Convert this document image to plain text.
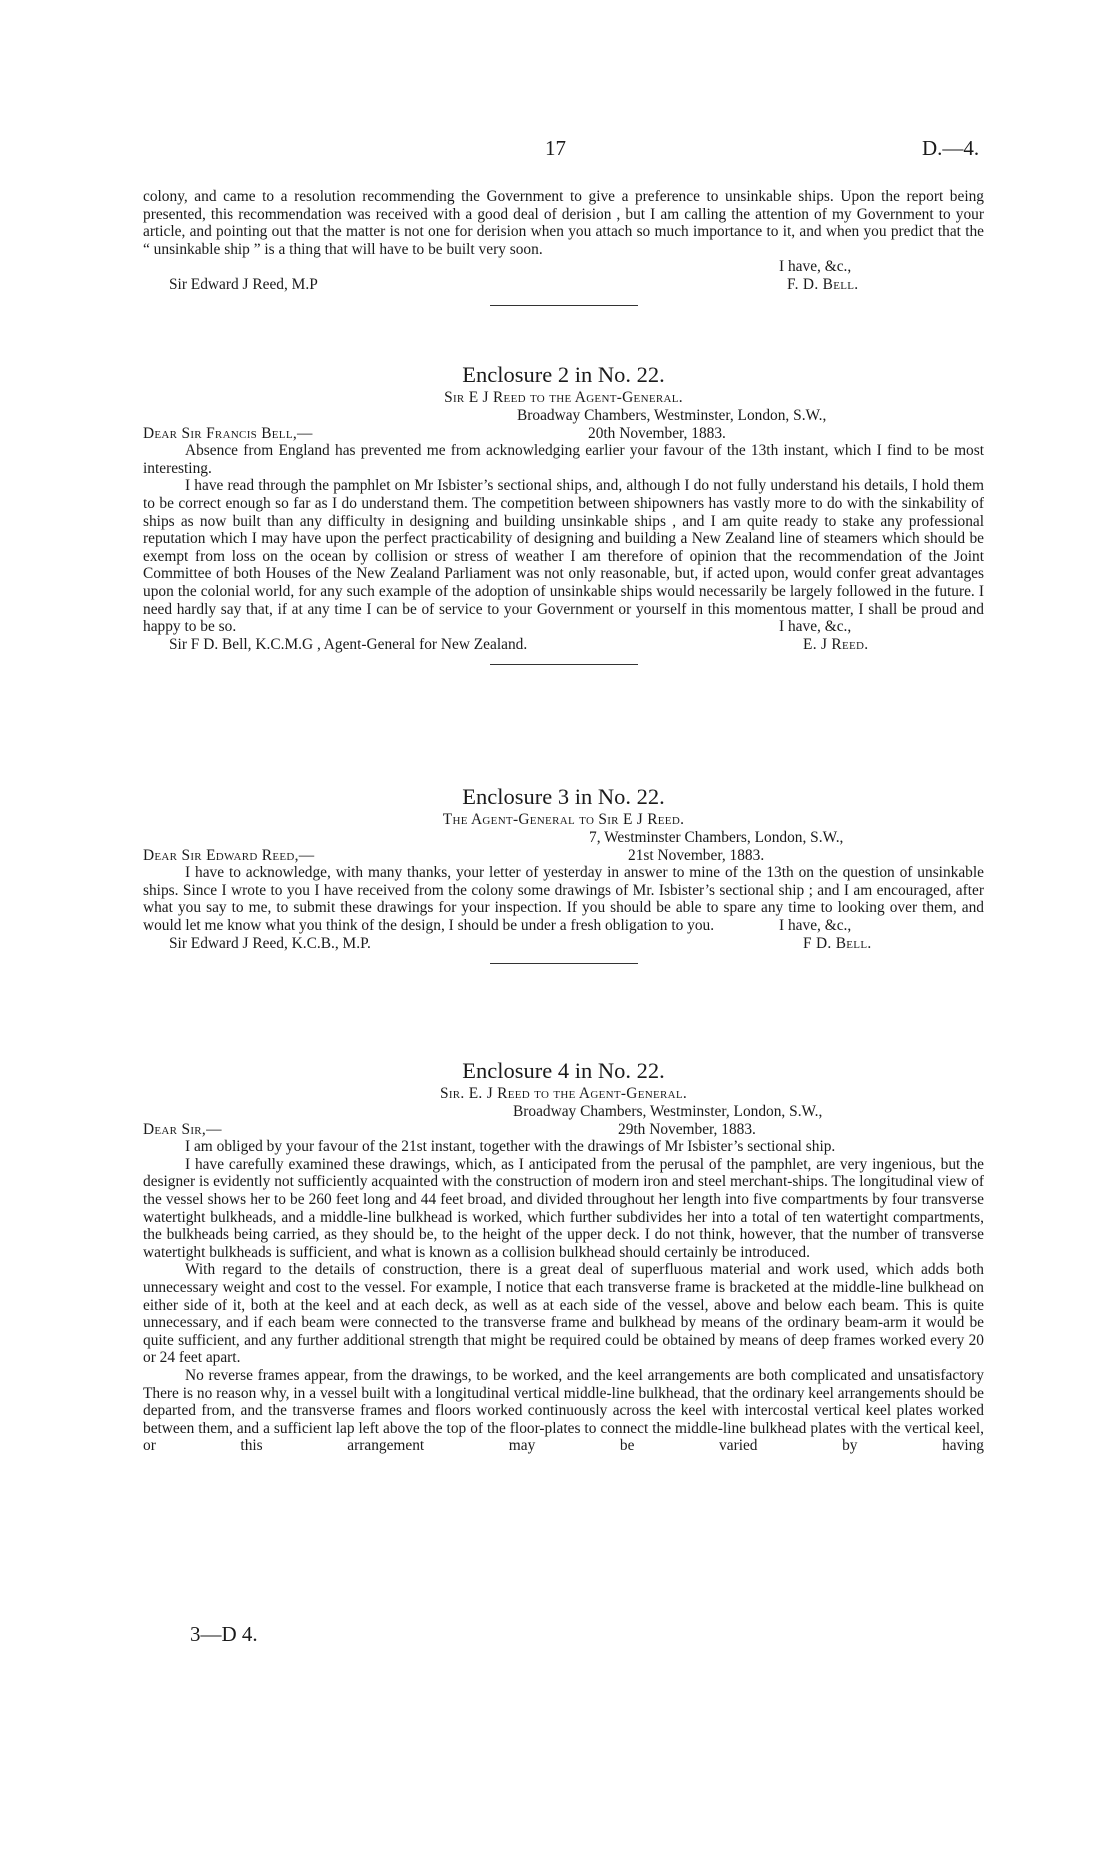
17	D.—4.

colony, and came to a resolution recommending the Government to give a preference to unsinkable ships. Upon the report being presented, this recommendation was received with a good deal of derision , but I am calling the attention of my Government to your article, and pointing out that the matter is not one for derision when you attach so much importance to it, and when you predict that the “ unsinkable ship ” is a thing that will have to be built very soon.

I have, &c.,
Sir Edward J Reed, M.P	F. D. Bell.
Enclosure 2 in No. 22.
Sir E J Reed to the Agent-General.
Broadway Chambers, Westminster, London, S.W.,
Dear Sir Francis Bell,—	20th November, 1883.

Absence from England has prevented me from acknowledging earlier your favour of the 13th instant, which I find to be most interesting.

I have read through the pamphlet on Mr Isbister’s sectional ships, and, although I do not fully understand his details, I hold them to be correct enough so far as I do understand them. The competition between shipowners has vastly more to do with the sinkability of ships as now built than any difficulty in designing and building unsinkable ships , and I am quite ready to stake any professional reputation which I may have upon the perfect practicability of designing and building a New Zealand line of steamers which should be exempt from loss on the ocean by collision or stress of weather I am therefore of opinion that the recommendation of the Joint Committee of both Houses of the New Zealand Parliament was not only reasonable, but, if acted upon, would confer great advantages upon the colonial world, for any such example of the adoption of unsinkable ships would necessarily be largely followed in the future. I need hardly say that, if at any time I can be of service to your Government or yourself in this momentous matter, I shall be proud and happy to be so.	I have, &c.,
Sir F D. Bell, K.C.M.G , Agent-General for New Zealand.	E. J Reed.
Enclosure 3 in No. 22.
The Agent-General to Sir E J Reed.
7, Westminster Chambers, London, S.W.,
Dear Sir Edward Reed,—	21st November, 1883.

I have to acknowledge, with many thanks, your letter of yesterday in answer to mine of the 13th on the question of unsinkable ships. Since I wrote to you I have received from the colony some drawings of Mr. Isbister’s sectional ship ; and I am encouraged, after what you say to me, to submit these drawings for your inspection. If you should be able to spare any time to looking over them, and would let me know what you think of the design, I should be under a fresh obligation to you.	I have, &c.,
Sir Edward J Reed, K.C.B., M.P.	F D. Bell.
Enclosure 4 in No. 22.
Sir. E. J Reed to the Agent-General.
Broadway Chambers, Westminster, London, S.W.,
Dear Sir,—	29th November, 1883.

I am obliged by your favour of the 21st instant, together with the drawings of Mr Isbister’s sectional ship.

I have carefully examined these drawings, which, as I anticipated from the perusal of the pamphlet, are very ingenious, but the designer is evidently not sufficiently acquainted with the construction of modern iron and steel merchant-ships. The longitudinal view of the vessel shows her to be 260 feet long and 44 feet broad, and divided throughout her length into five compartments by four transverse watertight bulkheads, and a middle-line bulkhead is worked, which further subdivides her into a total of ten watertight compartments, the bulkheads being carried, as they should be, to the height of the upper deck. I do not think, however, that the number of transverse watertight bulkheads is sufficient, and what is known as a collision bulkhead should certainly be introduced.

With regard to the details of construction, there is a great deal of superfluous material and work used, which adds both unnecessary weight and cost to the vessel. For example, I notice that each transverse frame is bracketed at the middle-line bulkhead on either side of it, both at the keel and at each deck, as well as at each side of the vessel, above and below each beam. This is quite unnecessary, and if each beam were connected to the transverse frame and bulkhead by means of the ordinary beam-arm it would be quite sufficient, and any further additional strength that might be required could be obtained by means of deep frames worked every 20 or 24 feet apart.

No reverse frames appear, from the drawings, to be worked, and the keel arrangements are both complicated and unsatisfactory There is no reason why, in a vessel built with a longitudinal vertical middle-line bulkhead, that the ordinary keel arrangements should be departed from, and the transverse frames and floors worked continuously across the keel with intercostal vertical keel plates worked between them, and a sufficient lap left above the top of the floor-plates to connect the middle-line bulkhead plates with the vertical keel, or this arrangement may be varied by having

3—D 4.
